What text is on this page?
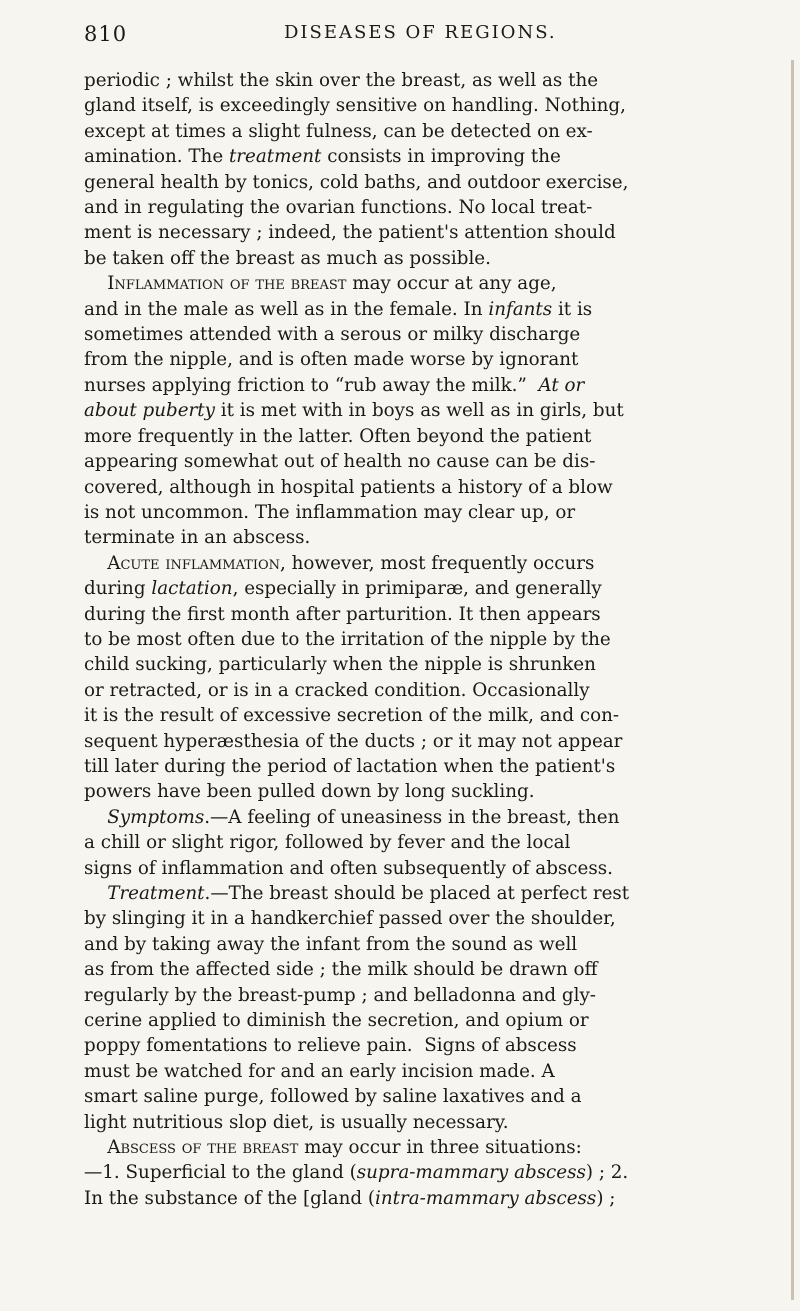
810	DISEASES OF REGIONS.
periodic ; whilst the skin over the breast, as well as the
gland itself, is exceedingly sensitive on handling. Nothing,
except at times a slight fulness, can be detected on ex-
amination. The treatment consists in improving the
general health by tonics, cold baths, and outdoor exercise,
and in regulating the ovarian functions. No local treat-
ment is necessary ; indeed, the patient's attention should
be taken off the breast as much as possible.
Inflammation of the breast may occur at any age,
and in the male as well as in the female. In infants it is
sometimes attended with a serous or milky discharge
from the nipple, and is often made worse by ignorant
nurses applying friction to “rub away the milk.”  At or
about puberty it is met with in boys as well as in girls, but
more frequently in the latter. Often beyond the patient
appearing somewhat out of health no cause can be dis-
covered, although in hospital patients a history of a blow
is not uncommon. The inflammation may clear up, or
terminate in an abscess.
Acute inflammation, however, most frequently occurs
during lactation, especially in primiparæ, and generally
during the first month after parturition. It then appears
to be most often due to the irritation of the nipple by the
child sucking, particularly when the nipple is shrunken
or retracted, or is in a cracked condition. Occasionally
it is the result of excessive secretion of the milk, and con-
sequent hyperæsthesia of the ducts ; or it may not appear
till later during the period of lactation when the patient's
powers have been pulled down by long suckling.
Symptoms.—A feeling of uneasiness in the breast, then
a chill or slight rigor, followed by fever and the local
signs of inflammation and often subsequently of abscess.
Treatment.—The breast should be placed at perfect rest
by slinging it in a handkerchief passed over the shoulder,
and by taking away the infant from the sound as well
as from the affected side ; the milk should be drawn off
regularly by the breast-pump ; and belladonna and gly-
cerine applied to diminish the secretion, and opium or
poppy fomentations to relieve pain.  Signs of abscess
must be watched for and an early incision made. A
smart saline purge, followed by saline laxatives and a
light nutritious slop diet, is usually necessary.
Abscess of the breast may occur in three situations:
—1. Superficial to the gland (supra-mammary abscess) ; 2.
In the substance of the [gland (intra-mammary abscess) ;
